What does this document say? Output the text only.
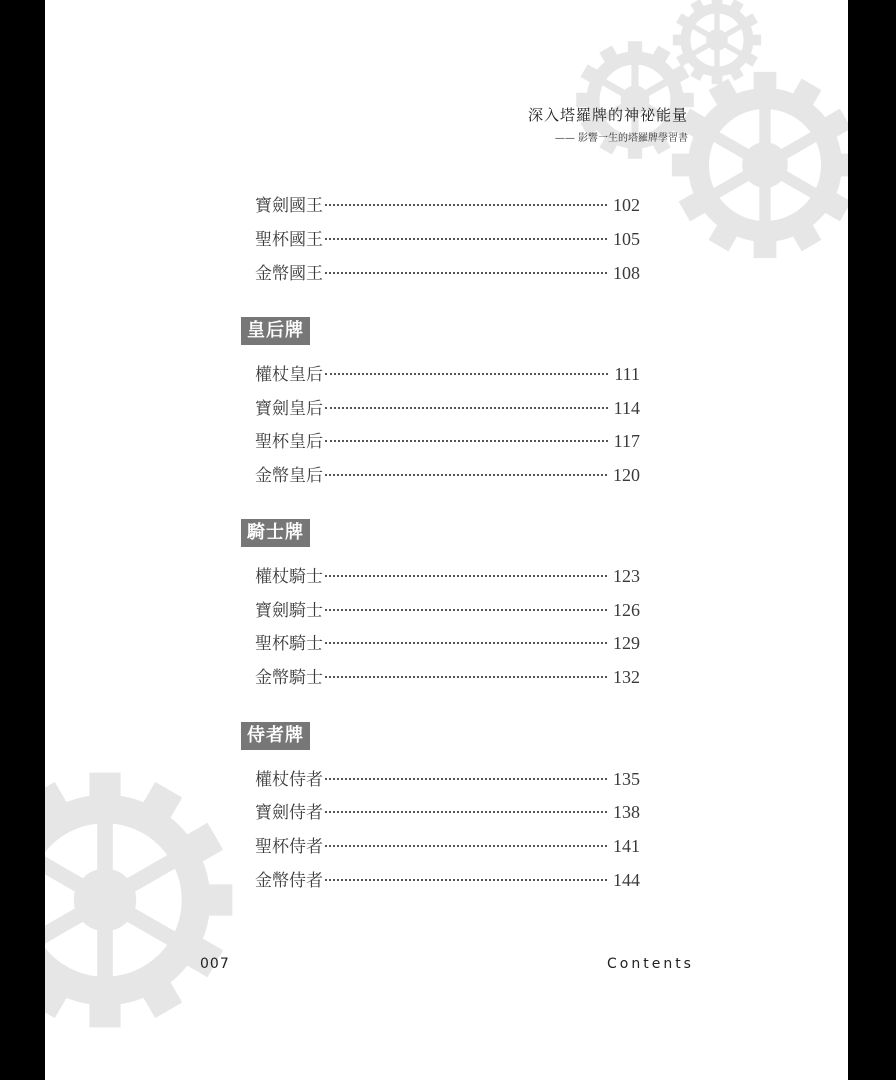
深入塔羅牌的神祕能量
—— 影響一生的塔羅牌學習書
寶劍國王	102
聖杯國王	105
金幣國王	108
皇后牌
權杖皇后	111
寶劍皇后	114
聖杯皇后	117
金幣皇后	120
騎士牌
權杖騎士	123
寶劍騎士	126
聖杯騎士	129
金幣騎士	132
侍者牌
權杖侍者	135
寶劍侍者	138
聖杯侍者	141
金幣侍者	144
007	Contents
